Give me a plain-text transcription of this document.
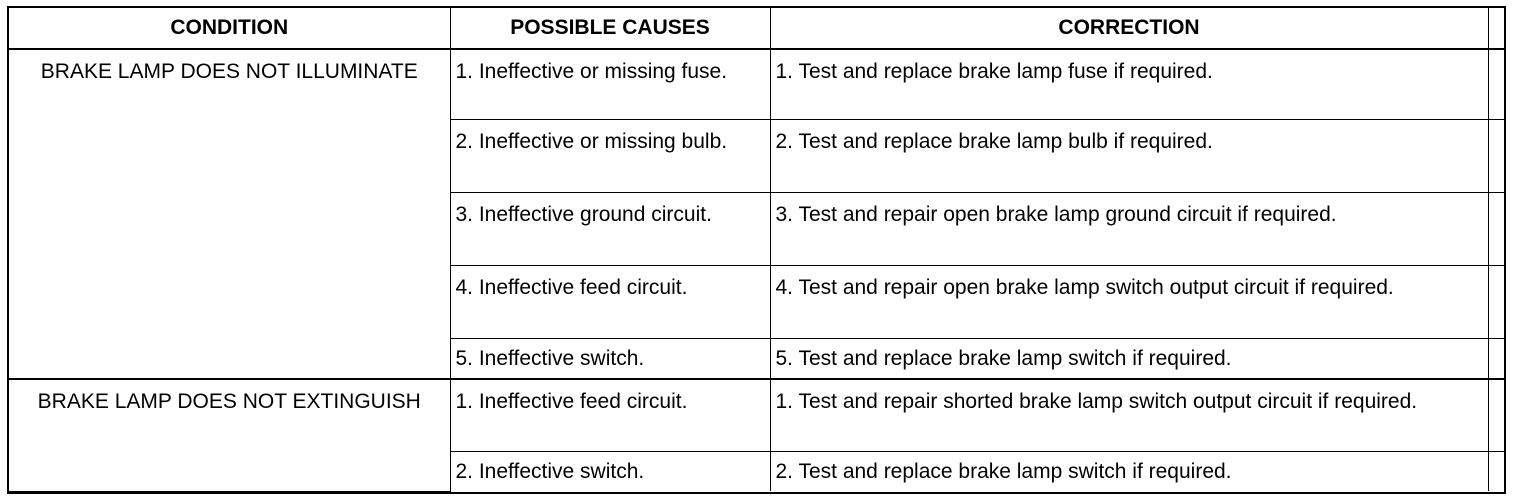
CONDITION	POSSIBLE CAUSES	CORRECTION	
BRAKE LAMP DOES NOT ILLUMINATE	1. Ineffective or missing fuse.	1. Test and replace brake lamp fuse if required.	
	2. Ineffective or missing bulb.	2. Test and replace brake lamp bulb if required.	
	3. Ineffective ground circuit.	3. Test and repair open brake lamp ground circuit if required.	
	4. Ineffective feed circuit.	4. Test and repair open brake lamp switch output circuit if required.	
	5. Ineffective switch.	5. Test and replace brake lamp switch if required.	
BRAKE LAMP DOES NOT EXTINGUISH	1. Ineffective feed circuit.	1. Test and repair shorted brake lamp switch output circuit if required.	
	2. Ineffective switch.	2. Test and replace brake lamp switch if required.	
